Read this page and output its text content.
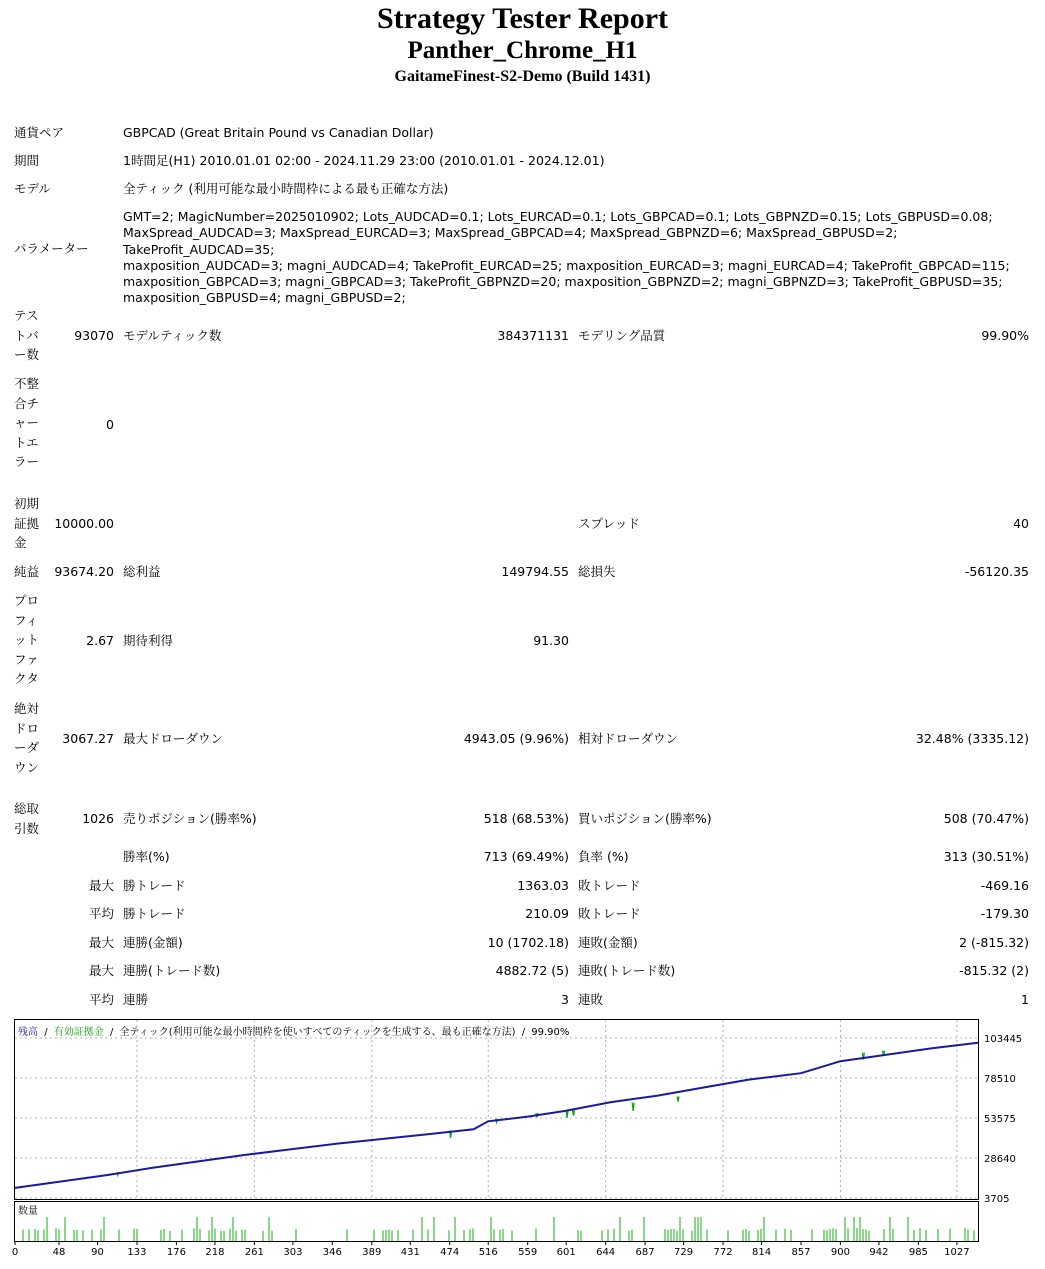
Strategy Tester Report
Panther_Chrome_H1
GaitameFinest-S2-Demo (Build 1431)
通貨ペア	GBPCAD (Great Britain Pound vs Canadian Dollar)
期間	1時間足(H1) 2010.01.01 02:00 - 2024.11.29 23:00 (2010.01.01 - 2024.12.01)
モデル	全ティック (利用可能な最小時間枠による最も正確な方法)
パラメーター
GMT=2; MagicNumber=2025010902; Lots_AUDCAD=0.1; Lots_EURCAD=0.1; Lots_GBPCAD=0.1; Lots_GBPNZD=0.15; Lots_GBPUSD=0.08;
MaxSpread_AUDCAD=3; MaxSpread_EURCAD=3; MaxSpread_GBPCAD=4; MaxSpread_GBPNZD=6; MaxSpread_GBPUSD=2; TakeProfit_AUDCAD=35;
maxposition_AUDCAD=3; magni_AUDCAD=4; TakeProfit_EURCAD=25; maxposition_EURCAD=3; magni_EURCAD=4; TakeProfit_GBPCAD=115;
maxposition_GBPCAD=3; magni_GBPCAD=3; TakeProfit_GBPNZD=20; maxposition_GBPNZD=2; magni_GBPNZD=3; TakeProfit_GBPUSD=35;
maxposition_GBPUSD=4; magni_GBPUSD=2;
テス
トバ
ー数
93070 モデルティック数	384371131 モデリング品質	99.90%
不整
合チ
ャー
トエ
ラー
0
初期
証拠
金
10000.00	スプレッド	40
純益	93674.20 総利益	149794.55 総損失	-56120.35
プロ
フィ
ット
ファ
クタ
2.67 期待利得	91.30
絶対
ドロ
ーダ
ウン
3067.27 最大ドローダウン	4943.05 (9.96%) 相対ドローダウン	32.48% (3335.12)
総取
引数
1026 売りポジション(勝率%)	518 (68.53%) 買いポジション(勝率%)	508 (70.47%)
勝率(%)	713 (69.49%) 負率 (%)	313 (30.51%)
最大 勝トレード	1363.03 敗トレード	-469.16
平均 勝トレード	210.09 敗トレード	-179.30
最大 連勝(金額)	10 (1702.18) 連敗(金額)	2 (-815.32)
最大 連勝(トレード数)	4882.72 (5) 連敗(トレード数)	-815.32 (2)
平均 連勝	3 連敗	1
103445
78510
53575
28640
3705
0	48	90 133 176 218 261 303 346 389 431 474 516 559 601 644 687 729 772 814 857 900 942 985 1027
残高 / 有効証拠金 / 全ティック(利用可能な最小時間枠を使いすべてのティックを生成する、最も正確な方法) / 99.90%
数量
